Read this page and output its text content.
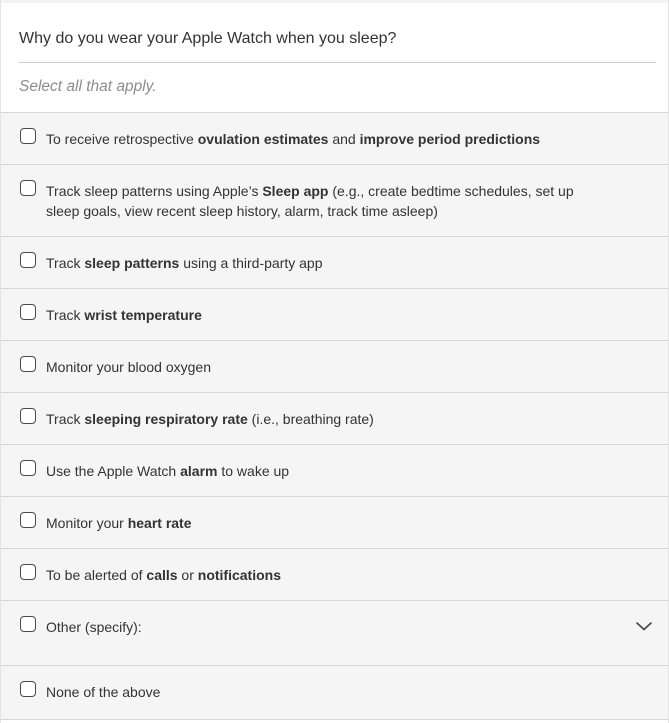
Why do you wear your Apple Watch when you sleep?
Select all that apply.
To receive retrospective ovulation estimates and improve period predictions
Track sleep patterns using Apple’s Sleep app (e.g., create bedtime schedules, set up sleep goals, view recent sleep history, alarm, track time asleep)
Track sleep patterns using a third-party app
Track wrist temperature
Monitor your blood oxygen
Track sleeping respiratory rate (i.e., breathing rate)
Use the Apple Watch alarm to wake up
Monitor your heart rate
To be alerted of calls or notifications
Other (specify):
None of the above
